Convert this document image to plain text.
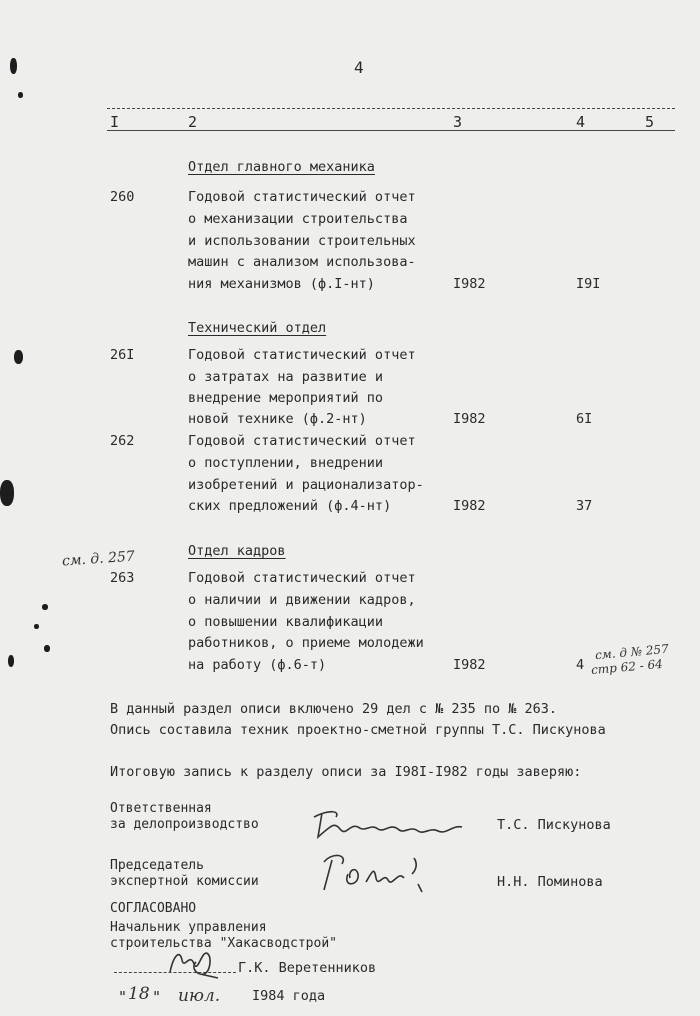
4
I	2	3	4	5
Отдел главного механика
260	Годовой статистический отчет
о механизации строительства
и использовании строительных
машин с анализом использова-
ния механизмов (ф.I-нт)	I982	I9I
Технический отдел
26I	Годовой статистический отчет
о затратах на развитие и
внедрение мероприятий по
новой технике (ф.2-нт)	I982	6I
262	Годовой статистический отчет
о поступлении, внедрении
изобретений и рационализатор-
ских предложений (ф.4-нт)	I982	37
Отдел кадров
см. д. 257
263	Годовой статистический отчет
о наличии и движении кадров,
о повышении квалификации
работников, о приеме молодежи
на работу (ф.6-т)	I982	4
см. д № 257
стр 62 - 64
В данный раздел описи включено 29 дел с № 235 по № 263.
Опись составила техник проектно-сметной группы Т.С. Пискунова
Итоговую запись к разделу описи за I98I-I982 годы заверяю:
Ответственная
за делопроизводство	Т.С. Пискунова
Председатель
экспертной комиссии	Н.Н. Поминова
СОГЛАСОВАНО
Начальник управления
строительства "Хакасводстрой"
Г.К. Веретенников
" 18 " июл. I984 года
